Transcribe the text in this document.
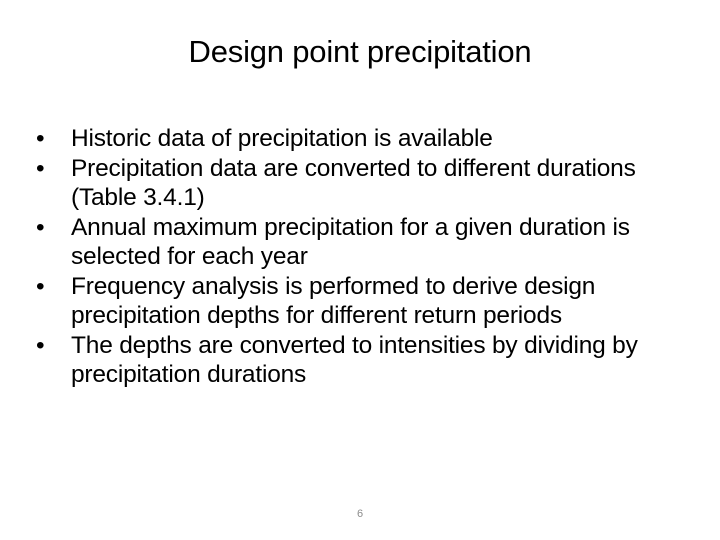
Design point precipitation
•	Historic data of precipitation is available
•	Precipitation data are converted to different durations (Table 3.4.1)
•	Annual maximum precipitation for a given duration is selected for each year
•	Frequency analysis is performed to derive design precipitation depths for different return periods
•	The depths are converted to intensities by dividing by precipitation durations
6
